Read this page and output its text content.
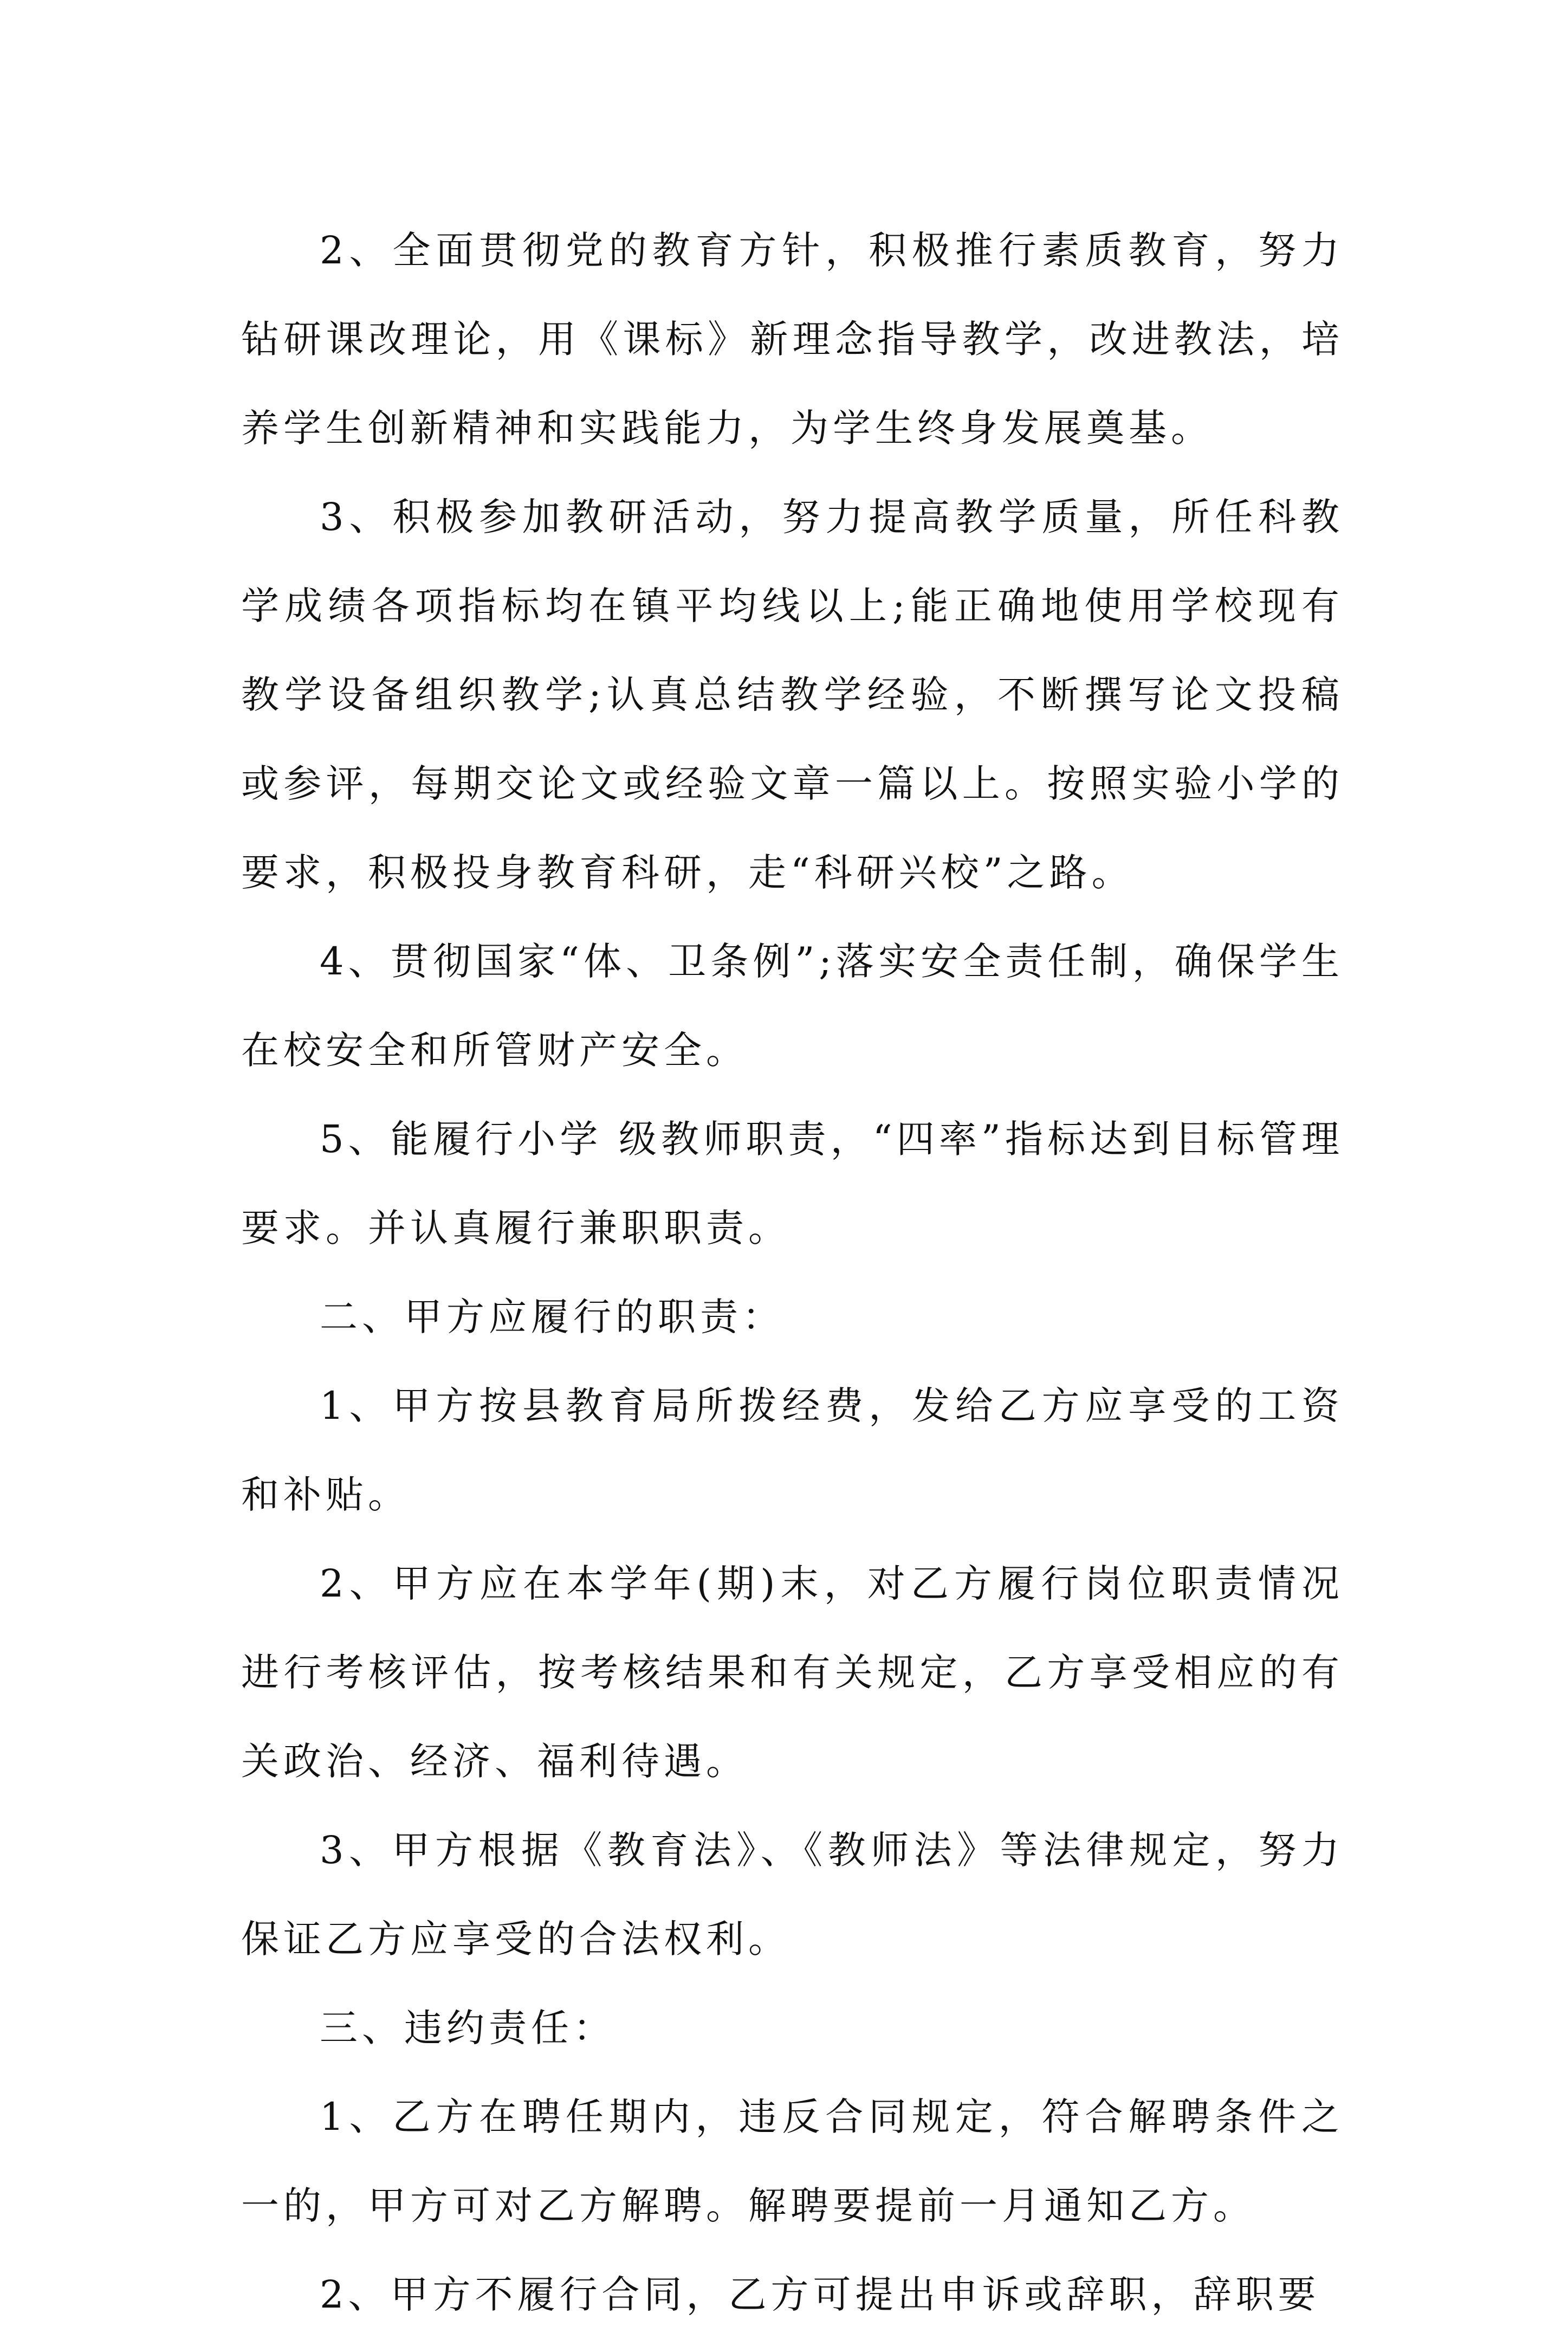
2、全面贯彻党的教育方针，积极推行素质教育，努力钻研课改理论，用《课标》新理念指导教学，改进教法，培养学生创新精神和实践能力，为学生终身发展奠基。

3、积极参加教研活动，努力提高教学质量，所任科教学成绩各项指标均在镇平均线以上;能正确地使用学校现有教学设备组织教学;认真总结教学经验，不断撰写论文投稿或参评，每期交论文或经验文章一篇以上。按照实验小学的要求，积极投身教育科研，走“科研兴校”之路。

4、贯彻国家“体、卫条例”;落实安全责任制，确保学生在校安全和所管财产安全。

5、能履行小学 级教师职责，“四率”指标达到目标管理要求。并认真履行兼职职责。

二、甲方应履行的职责：

1、甲方按县教育局所拨经费，发给乙方应享受的工资和补贴。

2、甲方应在本学年(期)末，对乙方履行岗位职责情况进行考核评估，按考核结果和有关规定，乙方享受相应的有关政治、经济、福利待遇。

3、甲方根据《教育法》、《教师法》等法律规定，努力保证乙方应享受的合法权利。

三、违约责任：

1、乙方在聘任期内，违反合同规定，符合解聘条件之一的，甲方可对乙方解聘。解聘要提前一月通知乙方。

2、甲方不履行合同，乙方可提出申诉或辞职，辞职要
